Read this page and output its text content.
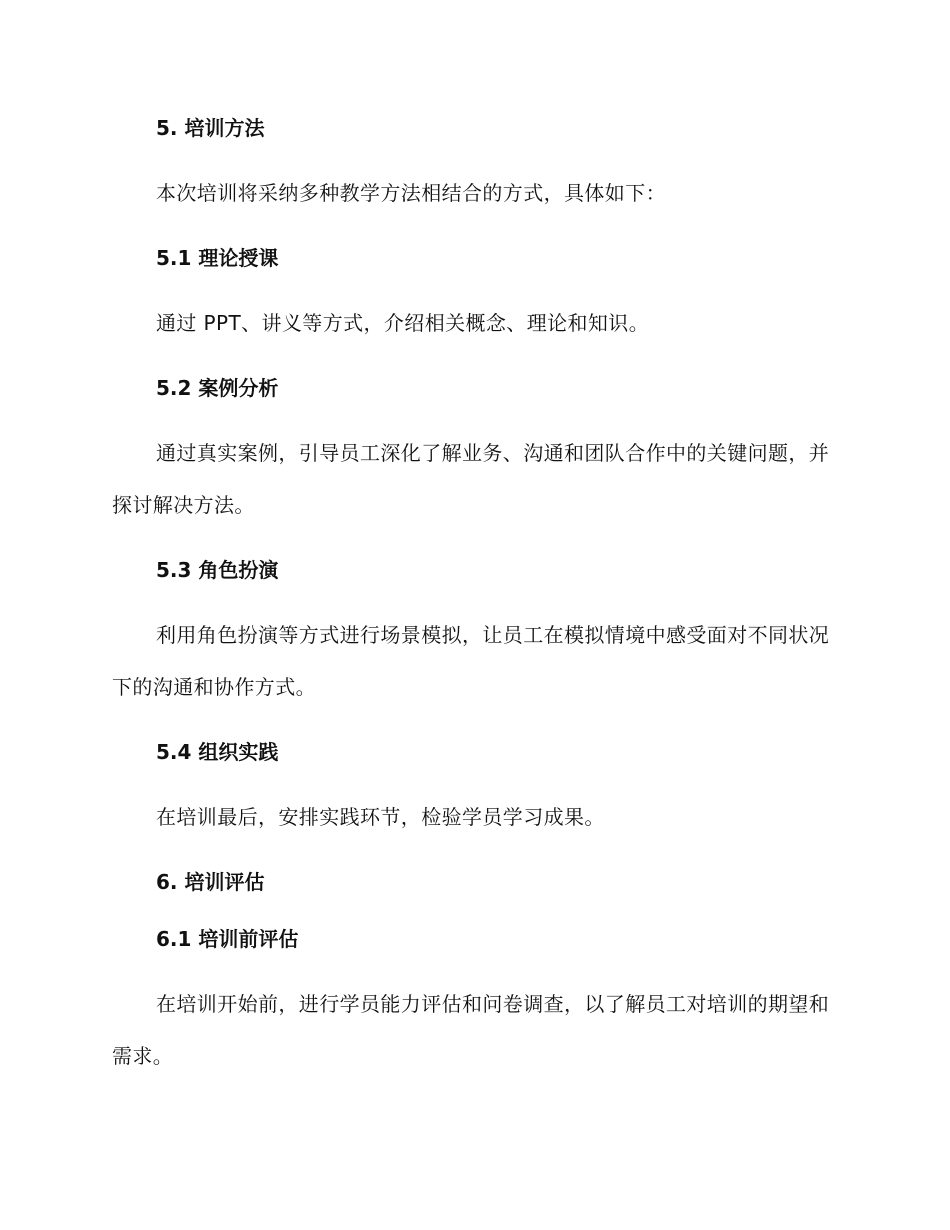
5. 培训方法

本次培训将采纳多种教学方法相结合的方式，具体如下：

5.1 理论授课

通过 PPT、讲义等方式，介绍相关概念、理论和知识。

5.2 案例分析

通过真实案例，引导员工深化了解业务、沟通和团队合作中的关键问题，并探讨解决方法。

5.3 角色扮演

利用角色扮演等方式进行场景模拟，让员工在模拟情境中感受面对不同状况下的沟通和协作方式。

5.4 组织实践

在培训最后，安排实践环节，检验学员学习成果。

6. 培训评估
6.1 培训前评估

在培训开始前，进行学员能力评估和问卷调查，以了解员工对培训的期望和需求。
